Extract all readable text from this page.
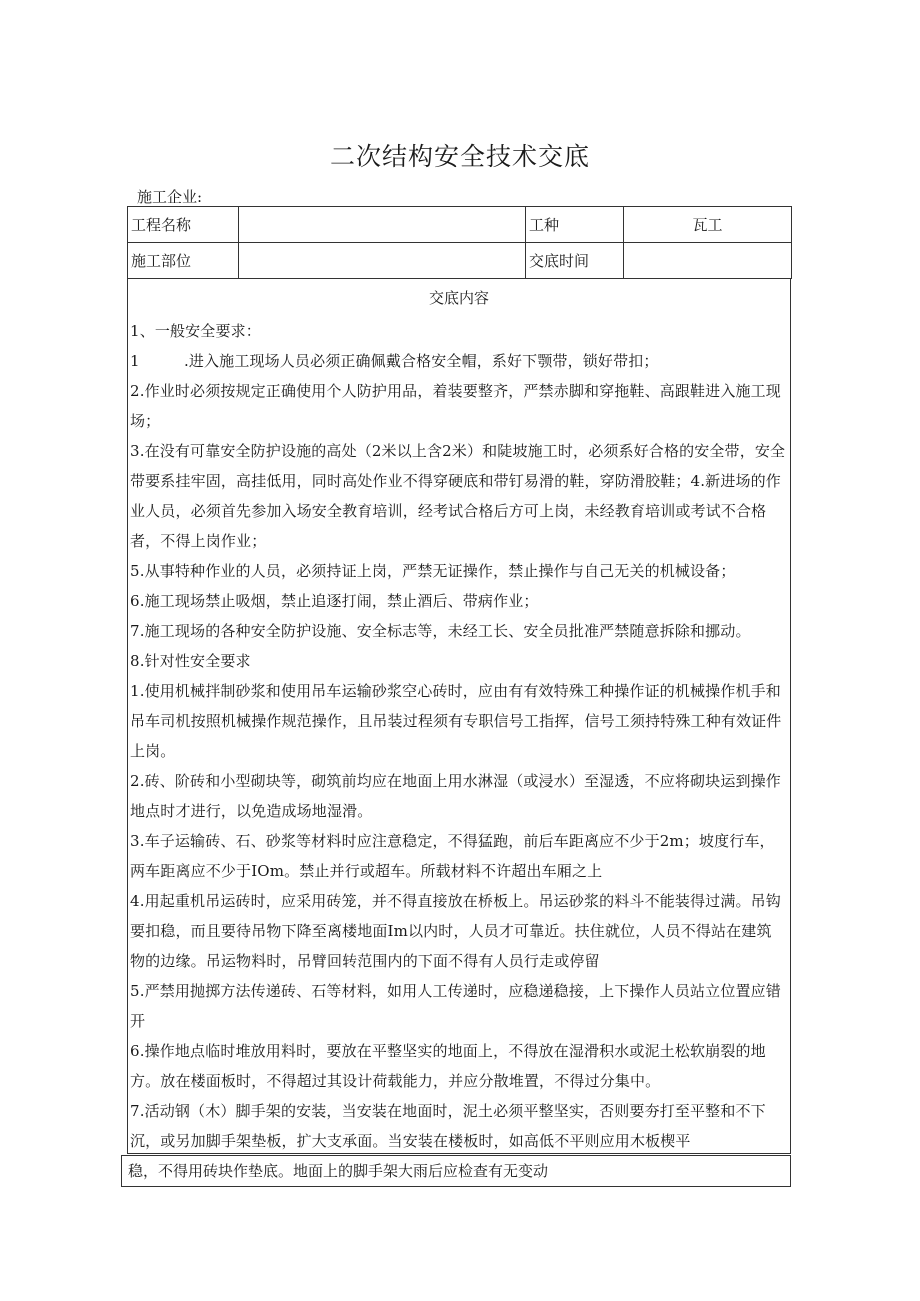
二次结构安全技术交底
施工企业:
工程名称		工种	瓦工
施工部位		交底时间	
交底内容

1、一般安全要求：

1         .进入施工现场人员必须正确佩戴合格安全帽，系好下颚带，锁好带扣；

2.作业时必须按规定正确使用个人防护用品，着装要整齐，严禁赤脚和穿拖鞋、高跟鞋进入施工现场；

3.在没有可靠安全防护设施的高处（2米以上含2米）和陡坡施工时，必须系好合格的安全带，安全带要系挂牢固，高挂低用，同时高处作业不得穿硬底和带钉易滑的鞋，穿防滑胶鞋；4.新进场的作业人员，必须首先参加入场安全教育培训，经考试合格后方可上岗，未经教育培训或考试不合格者，不得上岗作业；

5.从事特种作业的人员，必须持证上岗，严禁无证操作，禁止操作与自己无关的机械设备；

6.施工现场禁止吸烟，禁止追逐打闹，禁止酒后、带病作业；

7.施工现场的各种安全防护设施、安全标志等，未经工长、安全员批准严禁随意拆除和挪动。

8.针对性安全要求

1.使用机械拌制砂浆和使用吊车运输砂浆空心砖时，应由有有效特殊工种操作证的机械操作机手和吊车司机按照机械操作规范操作，且吊装过程须有专职信号工指挥，信号工须持特殊工种有效证件上岗。

2.砖、阶砖和小型砌块等，砌筑前均应在地面上用水淋湿（或浸水）至湿透，不应将砌块运到操作地点时才进行，以免造成场地湿滑。

3.车子运输砖、石、砂浆等材料时应注意稳定，不得猛跑，前后车距离应不少于2m；坡度行车，两车距离应不少于IOm。禁止并行或超车。所载材料不许超出车厢之上

4.用起重机吊运砖时，应采用砖笼，并不得直接放在桥板上。吊运砂浆的料斗不能装得过满。吊钩要扣稳，而且要待吊物下降至离楼地面Im以内时，人员才可靠近。扶住就位，人员不得站在建筑物的边缘。吊运物料时，吊臂回转范围内的下面不得有人员行走或停留

5.严禁用抛掷方法传递砖、石等材料，如用人工传递时，应稳递稳接，上下操作人员站立位置应错开

6.操作地点临时堆放用料时，要放在平整坚实的地面上，不得放在湿滑积水或泥土松软崩裂的地方。放在楼面板时，不得超过其设计荷载能力，并应分散堆置，不得过分集中。

7.活动钢（木）脚手架的安装，当安装在地面时，泥土必须平整坚实，否则要夯打至平整和不下沉，或另加脚手架垫板，扩大支承面。当安装在楼板时，如高低不平则应用木板楔平

稳，不得用砖块作垫底。地面上的脚手架大雨后应检查有无变动
